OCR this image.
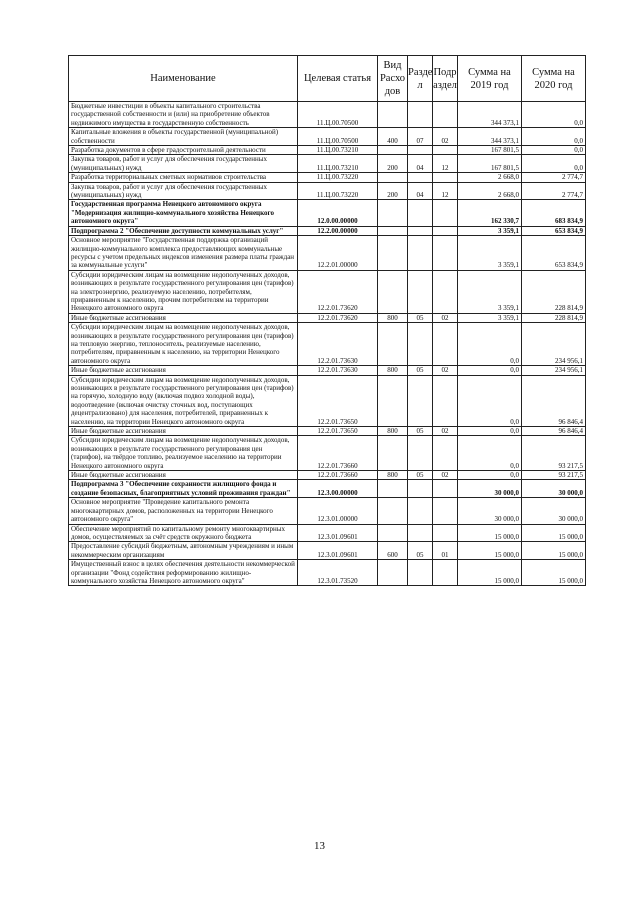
Наименование	Целевая статья	Вид Расхо дов	Разде л	Подр аздел	Сумма на 2019 год	Сумма на 2020 год
Бюджетные инвестиции в объекты капитального строительства государственной собственности и (или) на приобретение объектов недвижимого имущества в государственную собственность	11.Ц.00.70500				344 373,1	0,0
Капитальные вложения в объекты государственной (муниципальной) собственности	11.Ц.00.70500	400	07	02	344 373,1	0,0
Разработка документов в сфере градостроительной деятельности	11.Ц.00.73210				167 801,5	0,0
Закупка товаров, работ и услуг для обеспечения государственных (муниципальных) нужд	11.Ц.00.73210	200	04	12	167 801,5	0,0
Разработка территориальных сметных нормативов строительства	11.Ц.00.73220				2 668,0	2 774,7
Закупка товаров, работ и услуг для обеспечения государственных (муниципальных) нужд	11.Ц.00.73220	200	04	12	2 668,0	2 774,7
Государственная программа Ненецкого автономного округа "Модернизация жилищно-коммунального хозяйства Ненецкого автономного округа"	12.0.00.00000				162 330,7	683 834,9
Подпрограмма 2 "Обеспечение доступности коммунальных услуг"	12.2.00.00000				3 359,1	653 834,9
Основное мероприятие "Государственная поддержка организаций жилищно-коммунального комплекса предоставляющих коммунальные ресурсы с учетом предельных индексов изменения размера платы граждан за коммунальные услуги"	12.2.01.00000				3 359,1	653 834,9
Субсидии юридическим лицам на возмещение недополученных доходов, возникающих в результате государственного регулирования цен (тарифов) на электроэнергию, реализуемую населению, потребителям, приравненным к населению, прочим потребителям на территории Ненецкого автономного округа	12.2.01.73620				3 359,1	228 814,9
Иные бюджетные ассигнования	12.2.01.73620	800	05	02	3 359,1	228 814,9
Субсидии юридическим лицам на возмещение недополученных доходов, возникающих в результате государственного регулирования цен (тарифов) на тепловую энергию, теплоноситель, реализуемые населению, потребителям, приравненным к населению, на территории Ненецкого автономного округа	12.2.01.73630				0,0	234 956,1
Иные бюджетные ассигнования	12.2.01.73630	800	05	02	0,0	234 956,1
Субсидии юридическим лицам на возмещение недополученных доходов, возникающих в результате государственного регулирования цен (тарифов) на горячую, холодную воду (включая подвоз холодной воды), водоотведение (включая очистку сточных вод, поступающих децентрализовано) для населения, потребителей, приравненных к населению, на территории Ненецкого автономного округа	12.2.01.73650				0,0	96 846,4
Иные бюджетные ассигнования	12.2.01.73650	800	05	02	0,0	96 846,4
Субсидии юридическим лицам на возмещение недополученных доходов, возникающих в результате государственного регулирования цен (тарифов), на твёрдое топливо, реализуемое населению на территории Ненецкого автономного округа	12.2.01.73660				0,0	93 217,5
Иные бюджетные ассигнования	12.2.01.73660	800	05	02	0,0	93 217,5
Подпрограмма 3 "Обеспечение сохранности жилищного фонда и создание безопасных, благоприятных условий проживания граждан"	12.3.00.00000				30 000,0	30 000,0
Основное мероприятие "Проведение капитального ремонта многоквартирных домов, расположенных на территории Ненецкого автономного округа"	12.3.01.00000				30 000,0	30 000,0
Обеспечение мероприятий по капитальному ремонту многоквартирных домов, осуществляемых за счёт средств окружного бюджета	12.3.01.09601				15 000,0	15 000,0
Предоставление субсидий бюджетным, автономным учреждениям и иным некоммерческим организациям	12.3.01.09601	600	05	01	15 000,0	15 000,0
Имущественный взнос в целях обеспечения деятельности некоммерческой организации "Фонд содействия реформированию жилищно-коммунального хозяйства Ненецкого автономного округа"	12.3.01.73520				15 000,0	15 000,0
13
